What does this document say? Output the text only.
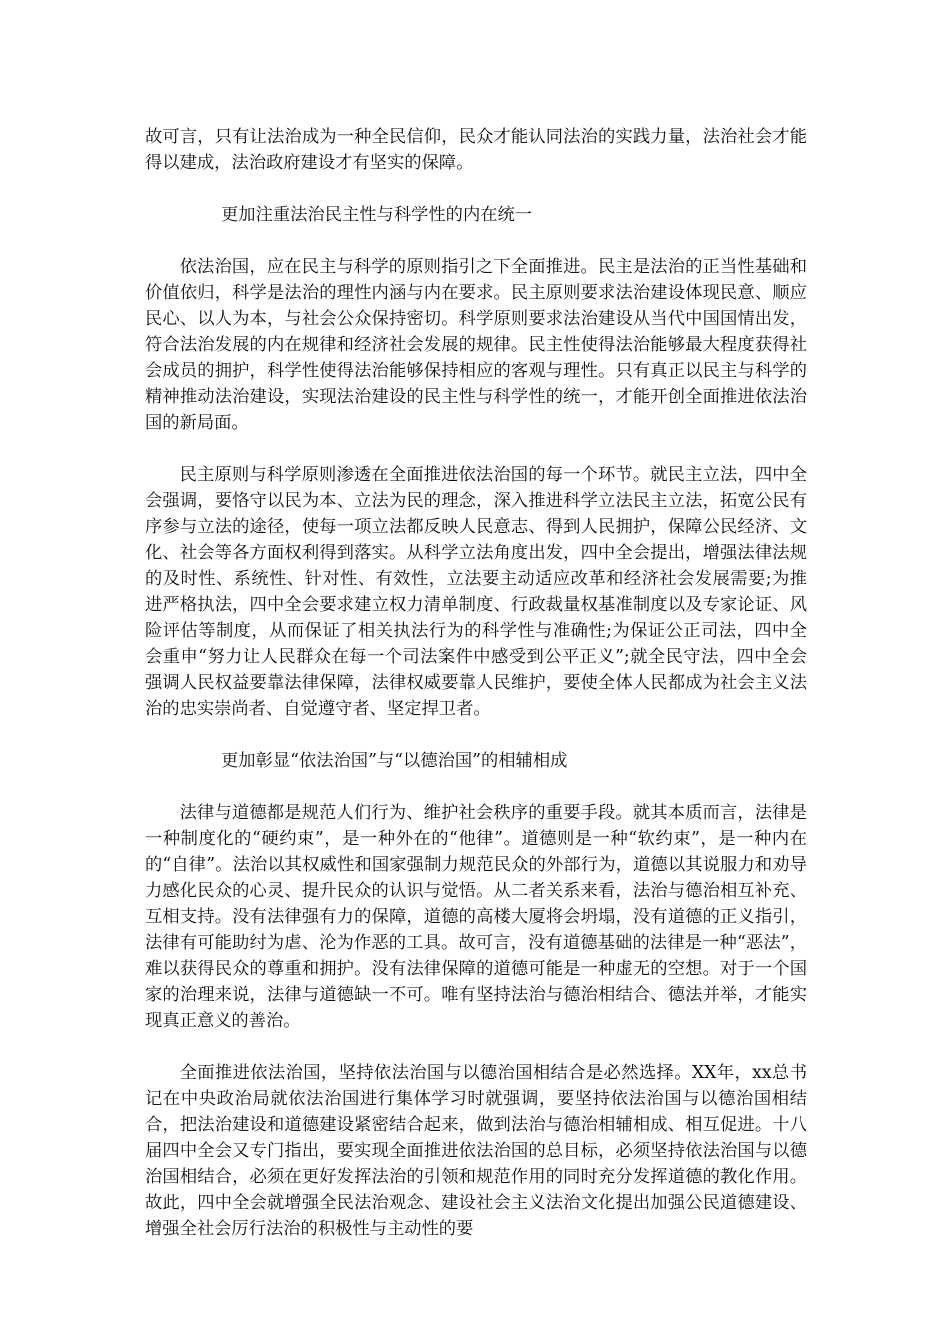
故可言，只有让法治成为一种全民信仰，民众才能认同法治的实践力量，法治社会才能得以建成，法治政府建设才有坚实的保障。

更加注重法治民主性与科学性的内在统一

依法治国，应在民主与科学的原则指引之下全面推进。民主是法治的正当性基础和价值依归，科学是法治的理性内涵与内在要求。民主原则要求法治建设体现民意、顺应民心、以人为本，与社会公众保持密切。科学原则要求法治建设从当代中国国情出发，符合法治发展的内在规律和经济社会发展的规律。民主性使得法治能够最大程度获得社会成员的拥护，科学性使得法治能够保持相应的客观与理性。只有真正以民主与科学的精神推动法治建设，实现法治建设的民主性与科学性的统一，才能开创全面推进依法治国的新局面。

民主原则与科学原则渗透在全面推进依法治国的每一个环节。就民主立法，四中全会强调，要恪守以民为本、立法为民的理念，深入推进科学立法民主立法，拓宽公民有序参与立法的途径，使每一项立法都反映人民意志、得到人民拥护，保障公民经济、文化、社会等各方面权利得到落实。从科学立法角度出发，四中全会提出，增强法律法规的及时性、系统性、针对性、有效性，立法要主动适应改革和经济社会发展需要;为推进严格执法，四中全会要求建立权力清单制度、行政裁量权基准制度以及专家论证、风险评估等制度，从而保证了相关执法行为的科学性与准确性;为保证公正司法，四中全会重申“努力让人民群众在每一个司法案件中感受到公平正义”;就全民守法，四中全会强调人民权益要靠法律保障，法律权威要靠人民维护，要使全体人民都成为社会主义法治的忠实崇尚者、自觉遵守者、坚定捍卫者。

更加彰显“依法治国”与“以德治国”的相辅相成

法律与道德都是规范人们行为、维护社会秩序的重要手段。就其本质而言，法律是一种制度化的“硬约束”，是一种外在的“他律”。道德则是一种“软约束”，是一种内在的“自律”。法治以其权威性和国家强制力规范民众的外部行为，道德以其说服力和劝导力感化民众的心灵、提升民众的认识与觉悟。从二者关系来看，法治与德治相互补充、互相支持。没有法律强有力的保障，道德的高楼大厦将会坍塌，没有道德的正义指引，法律有可能助纣为虐、沦为作恶的工具。故可言，没有道德基础的法律是一种“恶法”，难以获得民众的尊重和拥护。没有法律保障的道德可能是一种虚无的空想。对于一个国家的治理来说，法律与道德缺一不可。唯有坚持法治与德治相结合、德法并举，才能实现真正意义的善治。

全面推进依法治国，坚持依法治国与以德治国相结合是必然选择。XX年，xx总书记在中央政治局就依法治国进行集体学习时就强调，要坚持依法治国与以德治国相结合，把法治建设和道德建设紧密结合起来，做到法治与德治相辅相成、相互促进。十八届四中全会又专门指出，要实现全面推进依法治国的总目标，必须坚持依法治国与以德治国相结合，必须在更好发挥法治的引领和规范作用的同时充分发挥道德的教化作用。故此，四中全会就增强全民法治观念、建设社会主义法治文化提出加强公民道德建设、增强全社会厉行法治的积极性与主动性的要
